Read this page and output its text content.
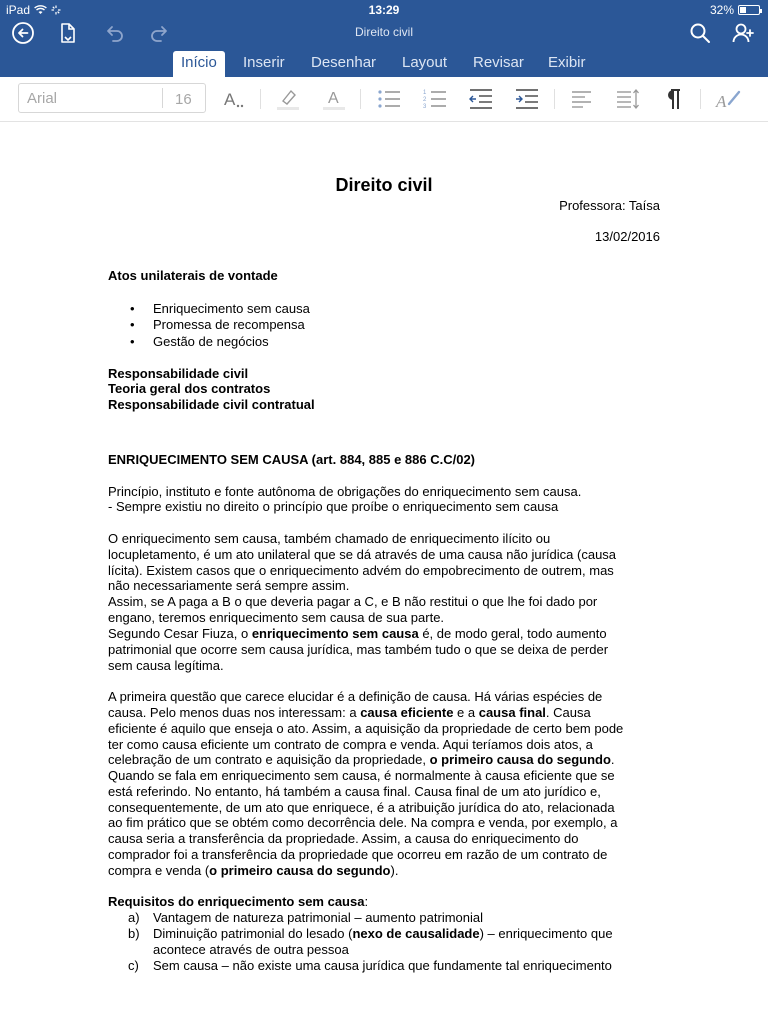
iPad	13:29	32%
Direito civil
Início	Inserir	Desenhar	Layout	Revisar	Exibir
Arial	16 A	A	1
2
3	A
Direito civil
Professora: Taísa
13/02/2016
Atos unilaterais de vontade
• Enriquecimento sem causa
• Promessa de recompensa
• Gestão de negócios
Responsabilidade civil
Teoria geral dos contratos
Responsabilidade civil contratual
ENRIQUECIMENTO SEM CAUSA (art. 884, 885 e 886 C.C/02)
Princípio, instituto e fonte autônoma de obrigações do enriquecimento sem causa.
- Sempre existiu no direito o princípio que proíbe o enriquecimento sem causa
O enriquecimento sem causa, também chamado de enriquecimento ilícito ou
locupletamento, é um ato unilateral que se dá através de uma causa não jurídica (causa
lícita). Existem casos que o enriquecimento advém do empobrecimento de outrem, mas
não necessariamente será sempre assim.
Assim, se A paga a B o que deveria pagar a C, e B não restitui o que lhe foi dado por
engano, teremos enriquecimento sem causa de sua parte.
Segundo Cesar Fiuza, o enriquecimento sem causa é, de modo geral, todo aumento
patrimonial que ocorre sem causa jurídica, mas também tudo o que se deixa de perder
sem causa legítima.
A primeira questão que carece elucidar é a definição de causa. Há várias espécies de
causa. Pelo menos duas nos interessam: a causa eficiente e a causa final. Causa
eficiente é aquilo que enseja o ato. Assim, a aquisição da propriedade de certo bem pode
ter como causa eficiente um contrato de compra e venda. Aqui teríamos dois atos, a
celebração de um contrato e aquisição da propriedade, o primeiro causa do segundo.
Quando se fala em enriquecimento sem causa, é normalmente à causa eficiente que se
está referindo. No entanto, há também a causa final. Causa final de um ato jurídico e,
consequentemente, de um ato que enriquece, é a atribuição jurídica do ato, relacionada
ao fim prático que se obtém como decorrência dele. Na compra e venda, por exemplo, a
causa seria a transferência da propriedade. Assim, a causa do enriquecimento do
comprador foi a transferência da propriedade que ocorreu em razão de um contrato de
compra e venda (o primeiro causa do segundo).
Requisitos do enriquecimento sem causa:
a) Vantagem de natureza patrimonial – aumento patrimonial
b) Diminuição patrimonial do lesado (nexo de causalidade) – enriquecimento que
acontece através de outra pessoa
c) Sem causa – não existe uma causa jurídica que fundamente tal enriquecimento
